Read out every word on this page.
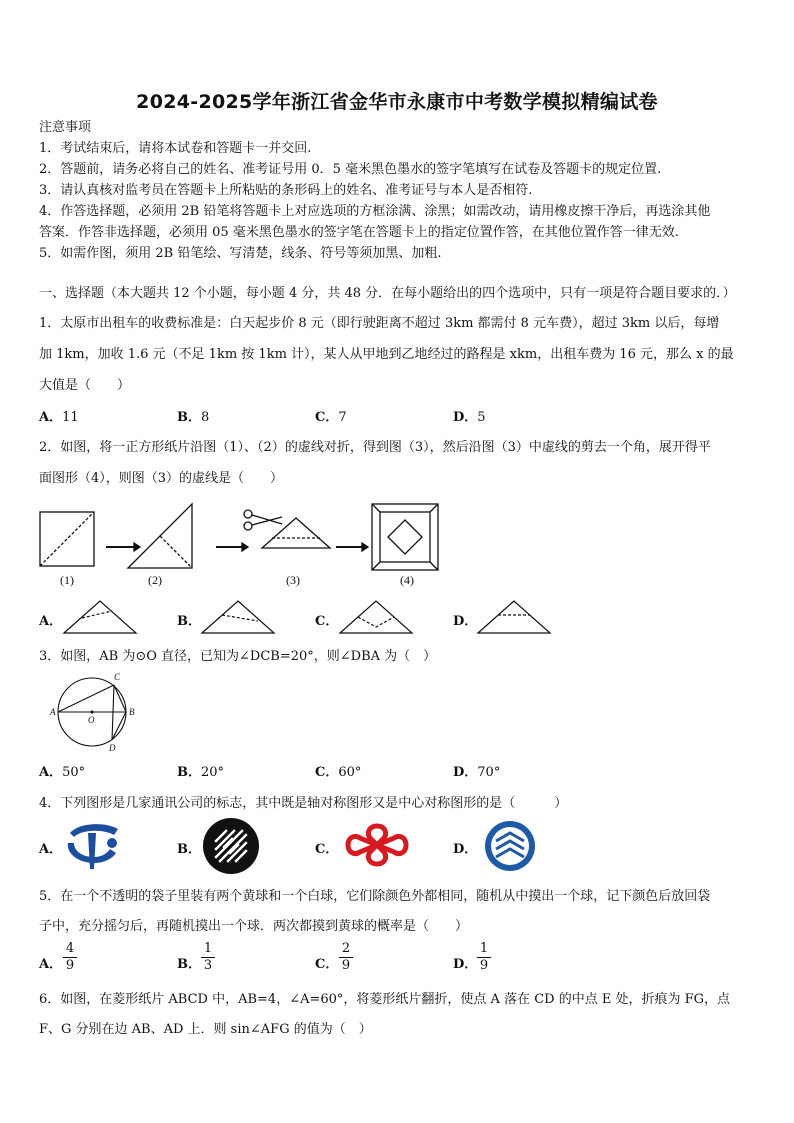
2024-2025学年浙江省金华市永康市中考数学模拟精编试卷
注意事项
1．考试结束后，请将本试卷和答题卡一并交回.
2．答题前，请务必将自己的姓名、准考证号用 0．5 毫米黑色墨水的签字笔填写在试卷及答题卡的规定位置.
3．请认真核对监考员在答题卡上所粘贴的条形码上的姓名、准考证号与本人是否相符.
4．作答选择题，必须用 2B 铅笔将答题卡上对应选项的方框涂满、涂黑；如需改动，请用橡皮擦干净后，再选涂其他
答案．作答非选择题，必须用 05 毫米黑色墨水的签字笔在答题卡上的指定位置作答，在其他位置作答一律无效.
5．如需作图，须用 2B 铅笔绘、写清楚，线条、符号等须加黑、加粗.
一、选择题（本大题共 12 个小题，每小题 4 分，共 48 分．在每小题给出的四个选项中，只有一项是符合题目要求的．）
1．太原市出租车的收费标准是：白天起步价 8 元（即行驶距离不超过 3km 都需付 8 元车费），超过 3km 以后，每增
加 1km，加收 1.6 元（不足 1km 按 1km 计），某人从甲地到乙地经过的路程是 xkm，出租车费为 16 元，那么 x 的最
大值是（　　）
A．11	B．8	C．7	D．5
2．如图，将一正方形纸片沿图（1）、（2）的虚线对折，得到图（3），然后沿图（3）中虚线的剪去一个角，展开得平
面图形（4），则图（3）的虚线是（　　）
(1)	(2)	(3)	(4)
A．	B．	C．	D．
3．如图，AB 为⊙O 直径，已知为∠DCB=20°，则∠DBA 为（　）
A
O
B
C
D
A．50°	B．20°	C．60°	D．70°
4．下列图形是几家通讯公司的标志，其中既是轴对称图形又是中心对称图形的是（　　　）
A．	B．	C．	D．
5．在一个不透明的袋子里装有两个黄球和一个白球，它们除颜色外都相同，随机从中摸出一个球，记下颜色后放回袋
子中，充分摇匀后，再随机摸出一个球．两次都摸到黄球的概率是（　　）
A．
4
9	B．
1
3	C．
2
9	D．
1
9
6．如图，在菱形纸片 ABCD 中，AB=4，∠A=60°，将菱形纸片翻折，使点 A 落在 CD 的中点 E 处，折痕为 FG，点
F、G 分别在边 AB、AD 上．则 sin∠AFG 的值为（　）
